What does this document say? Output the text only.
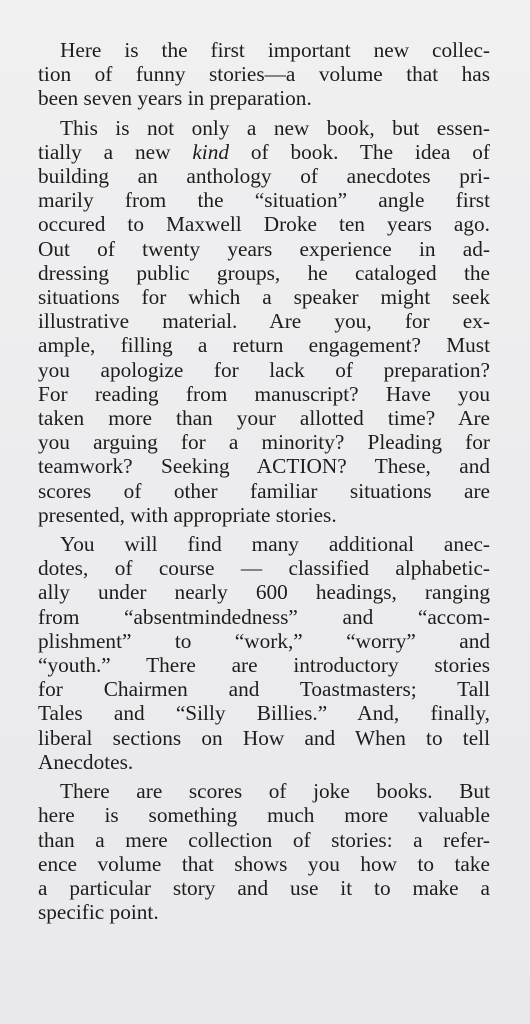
Here is the first important new collec-
tion of funny stories—a volume that has
been seven years in preparation.
This is not only a new book, but essen-
tially a new kind of book. The idea of
building an anthology of anecdotes pri-
marily from the “situation” angle first
occured to Maxwell Droke ten years ago.
Out of twenty years experience in ad-
dressing public groups, he cataloged the
situations for which a speaker might seek
illustrative material. Are you, for ex-
ample, filling a return engagement? Must
you apologize for lack of preparation?
For reading from manuscript? Have you
taken more than your allotted time? Are
you arguing for a minority? Pleading for
teamwork? Seeking ACTION? These, and
scores of other familiar situations are
presented, with appropriate stories.
You will find many additional anec-
dotes, of course — classified alphabetic-
ally under nearly 600 headings, ranging
from “absentmindedness” and “accom-
plishment” to “work,” “worry” and
“youth.” There are introductory stories
for Chairmen and Toastmasters; Tall
Tales and “Silly Billies.” And, finally,
liberal sections on How and When to tell
Anecdotes.
There are scores of joke books. But
here is something much more valuable
than a mere collection of stories: a refer-
ence volume that shows you how to take
a particular story and use it to make a
specific point.
